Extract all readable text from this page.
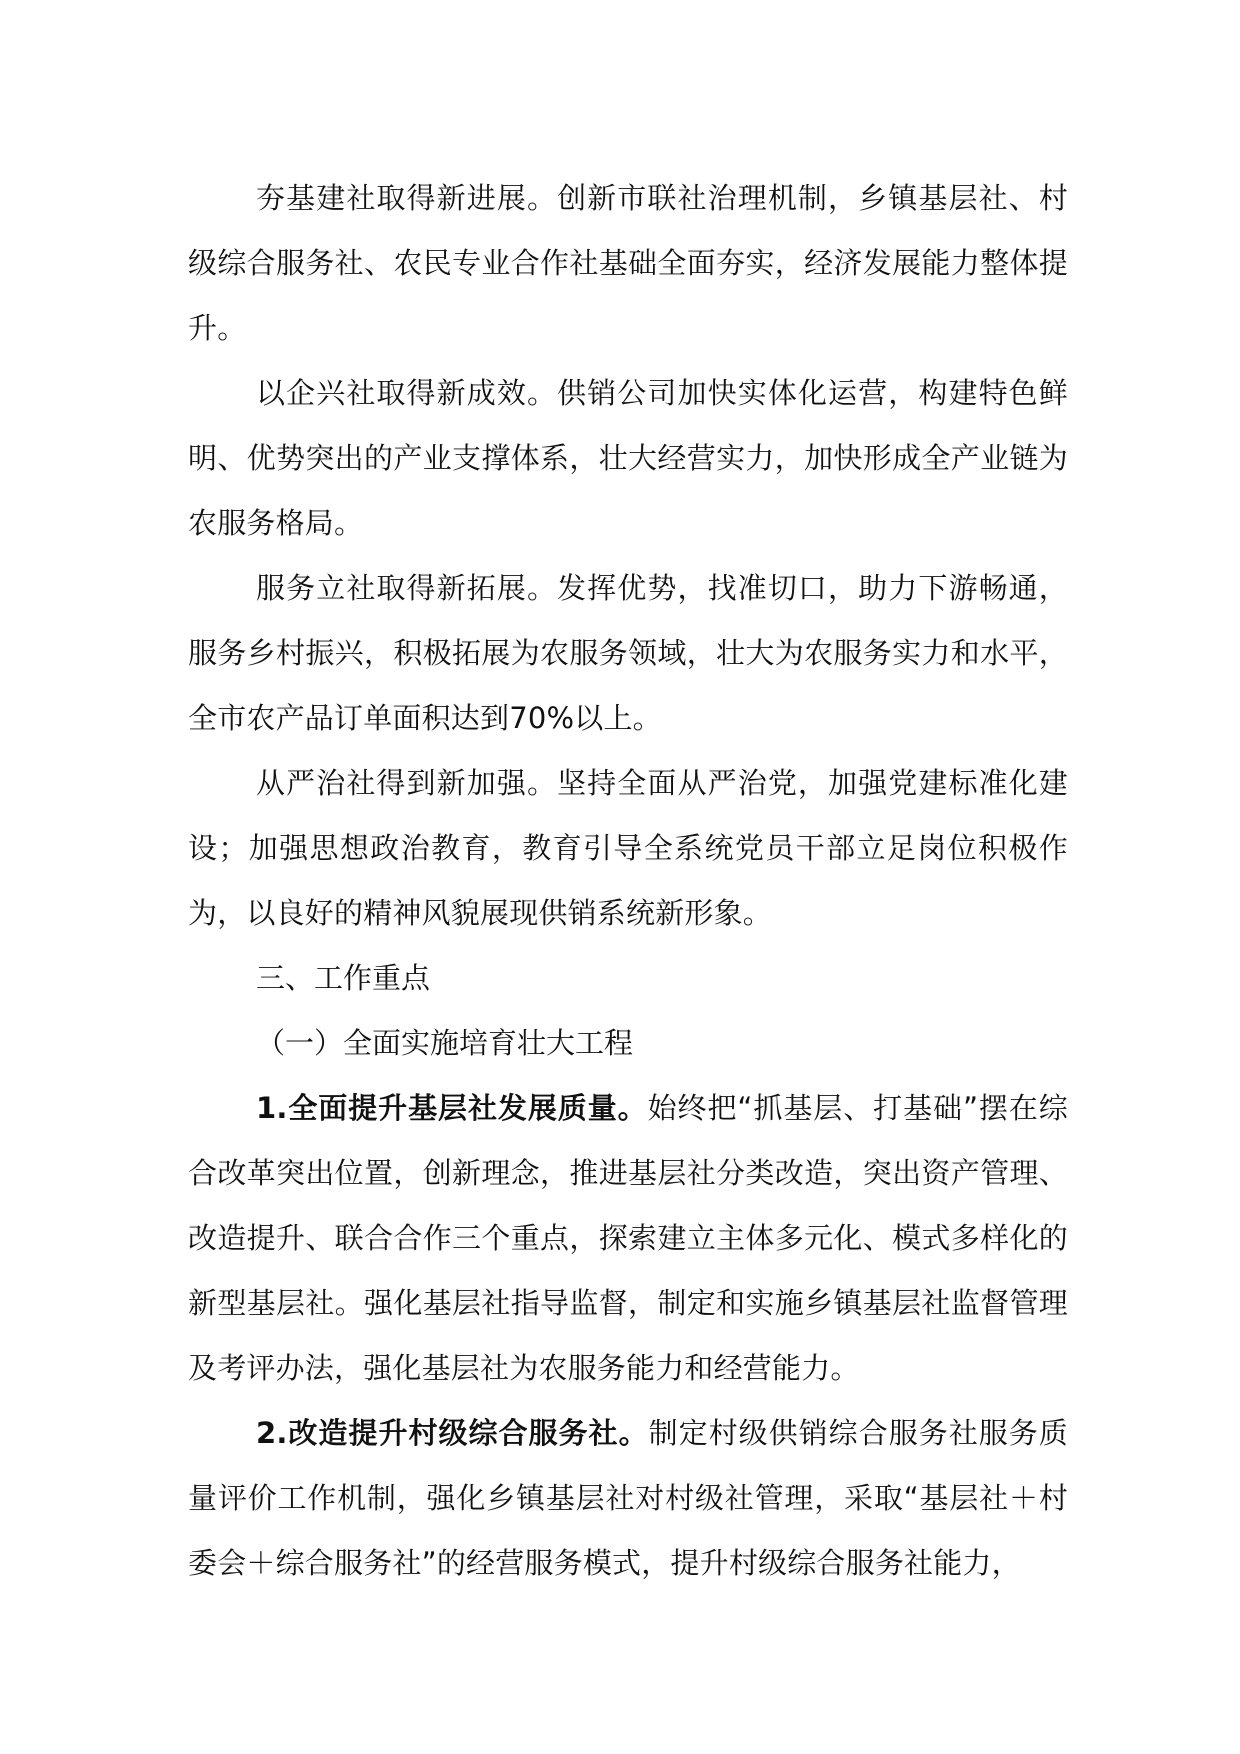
夯基建社取得新进展。创新市联社治理机制，乡镇基层社、村级综合服务社、农民专业合作社基础全面夯实，经济发展能力整体提升。

以企兴社取得新成效。供销公司加快实体化运营，构建特色鲜明、优势突出的产业支撑体系，壮大经营实力，加快形成全产业链为农服务格局。

服务立社取得新拓展。发挥优势，找准切口，助力下游畅通，服务乡村振兴，积极拓展为农服务领域，壮大为农服务实力和水平，全市农产品订单面积达到70%以上。

从严治社得到新加强。坚持全面从严治党，加强党建标准化建设；加强思想政治教育，教育引导全系统党员干部立足岗位积极作为，以良好的精神风貌展现供销系统新形象。

三、工作重点

（一）全面实施培育壮大工程

1.全面提升基层社发展质量。始终把“抓基层、打基础”摆在综合改革突出位置，创新理念，推进基层社分类改造，突出资产管理、改造提升、联合合作三个重点，探索建立主体多元化、模式多样化的新型基层社。强化基层社指导监督，制定和实施乡镇基层社监督管理及考评办法，强化基层社为农服务能力和经营能力。

2.改造提升村级综合服务社。制定村级供销综合服务社服务质量评价工作机制，强化乡镇基层社对村级社管理，采取“基层社＋村委会＋综合服务社”的经营服务模式，提升村级综合服务社能力，
